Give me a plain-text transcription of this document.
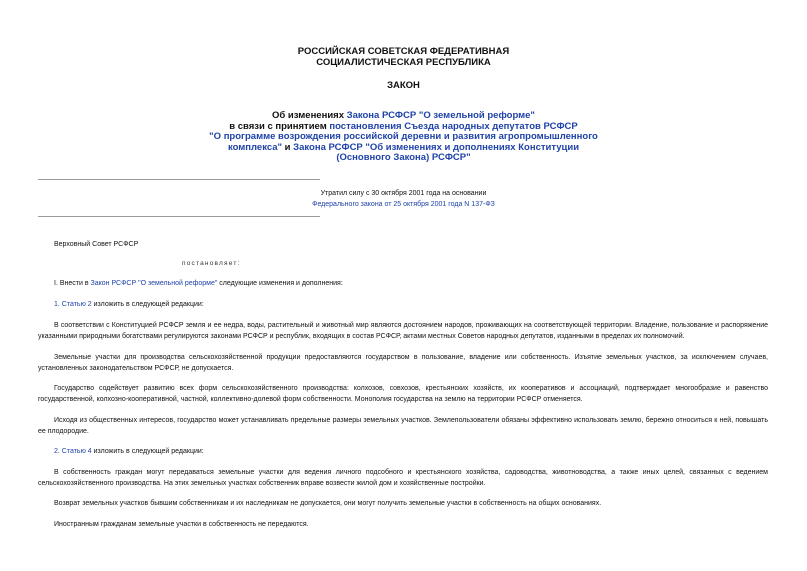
РОССИЙСКАЯ СОВЕТСКАЯ ФЕДЕРАТИВНАЯ
СОЦИАЛИСТИЧЕСКАЯ РЕСПУБЛИКА
ЗАКОН
Об изменениях Закона РСФСР "О земельной реформе"
в связи с принятием постановления Съезда народных депутатов РСФСР
"О программе возрождения российской деревни и развития агропромышленного
комплекса" и Закона РСФСР "Об изменениях и дополнениях Конституции
(Основного Закона) РСФСР"
Утратил силу с 30 октября 2001 года на основании
Федерального закона от 25 октября 2001 года N 137-ФЗ
Верховный Совет РСФСР
постановляет:
I. Внести в Закон РСФСР "О земельной реформе" следующие изменения и дополнения:
1. Статью 2 изложить в следующей редакции:
В соответствии с Конституцией РСФСР земля и ее недра, воды, растительный и животный мир являются достоянием народов, проживающих на соответствующей территории. Владение, пользование и распоряжение указанными природными богатствами регулируются законами РСФСР и республик, входящих в состав РСФСР, актами местных Советов народных депутатов, изданными в пределах их полномочий.
Земельные участки для производства сельскохозяйственной продукции предоставляются государством в пользование, владение или собственность. Изъятие земельных участков, за исключением случаев, установленных законодательством РСФСР, не допускается.
Государство содействует развитию всех форм сельскохозяйственного производства: колхозов, совхозов, крестьянских хозяйств, их кооперативов и ассоциаций, подтверждает многообразие и равенство государственной, колхозно-кооперативной, частной, коллективно-долевой форм собственности. Монополия государства на землю на территории РСФСР отменяется.
Исходя из общественных интересов, государство может устанавливать предельные размеры земельных участков. Землепользователи обязаны эффективно использовать землю, бережно относиться к ней, повышать ее плодородие.
2. Статью 4 изложить в следующей редакции:
В собственность граждан могут передаваться земельные участки для ведения личного подсобного и крестьянского хозяйства, садоводства, животноводства, а также иных целей, связанных с ведением сельскохозяйственного производства. На этих земельных участках собственник вправе возвести жилой дом и хозяйственные постройки.
Возврат земельных участков бывшим собственникам и их наследникам не допускается, они могут получить земельные участки в собственность на общих основаниях.
Иностранным гражданам земельные участки в собственность не передаются.
